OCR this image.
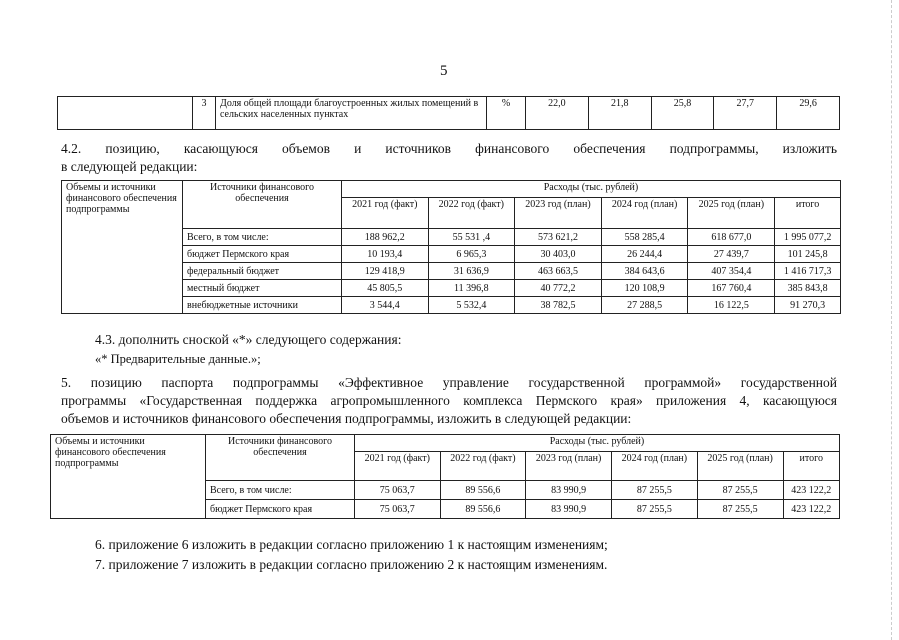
5
	3	Доля общей площади благоустроенных жилых помещений в сельских населенных пунктах	%	22,0	21,8	25,8	27,7	29,6
4.2. позицию, касающуюся объемов и источников финансового обеспечения подпрограммы, изложить
в следующей редакции:
Объемы и источники финансового обеспечения подпрограммы	Источники финансового обеспечения	Расходы (тыс. рублей)					
		2021 год (факт)	2022 год (факт)	2023 год (план)	2024 год (план)	2025 год (план)	итого
	Всего, в том числе:	188 962,2	55 531 ,4	573 621,2	558 285,4	618 677,0	1 995 077,2
	бюджет Пермского края	10 193,4	6 965,3	30 403,0	26 244,4	27 439,7	101 245,8
	федеральный бюджет	129 418,9	31 636,9	463 663,5	384 643,6	407 354,4	1 416 717,3
	местный бюджет	45 805,5	11 396,8	40 772,2	120 108,9	167 760,4	385 843,8
	внебюджетные источники	3 544,4	5 532,4	38 782,5	27 288,5	16 122,5	91 270,3
4.3. дополнить сноской «*» следующего содержания:
«* Предварительные данные.»;
5. позицию паспорта подпрограммы «Эффективное управление государственной программой» государственной
программы «Государственная поддержка агропромышленного комплекса Пермского края» приложения 4, касающуюся
объемов и источников финансового обеспечения подпрограммы, изложить в следующей редакции:
Объемы и источники финансового обеспечения подпрограммы	Источники финансового обеспечения	Расходы (тыс. рублей)					
		2021 год (факт)	2022 год (факт)	2023 год (план)	2024 год (план)	2025 год (план)	итого
	Всего, в том числе:	75 063,7	89 556,6	83 990,9	87 255,5	87 255,5	423 122,2
	бюджет Пермского края	75 063,7	89 556,6	83 990,9	87 255,5	87 255,5	423 122,2
6. приложение 6 изложить в редакции согласно приложению 1 к настоящим изменениям;
7. приложение 7 изложить в редакции согласно приложению 2 к настоящим изменениям.
